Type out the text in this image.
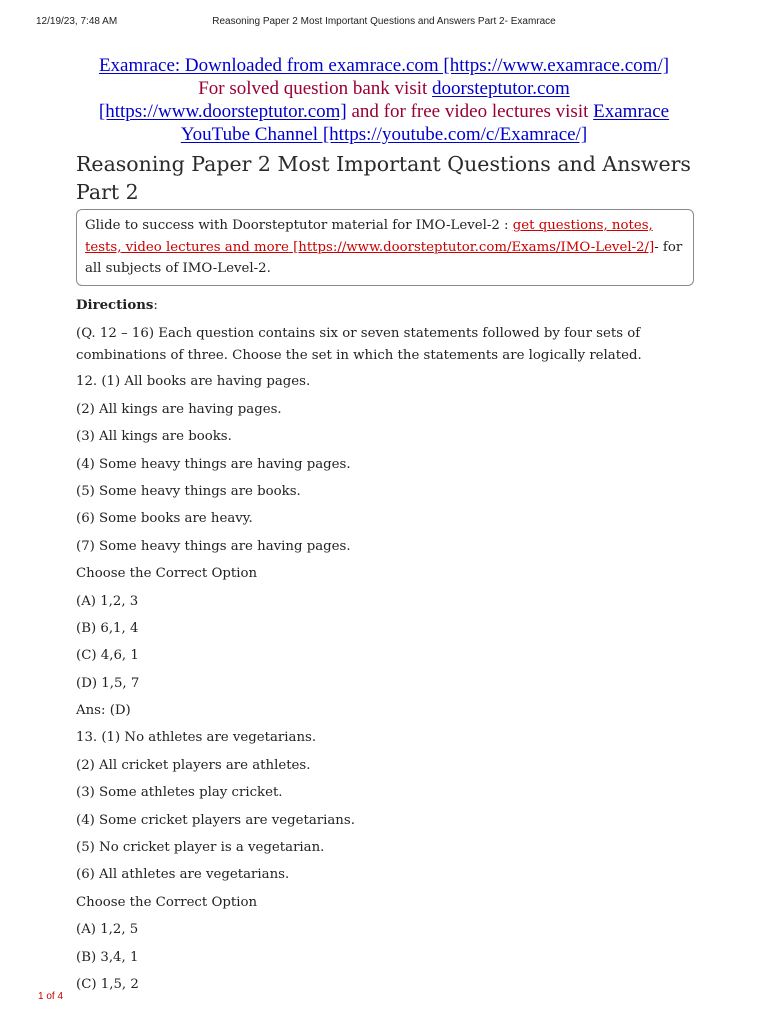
12/19/23, 7:48 AM	Reasoning Paper 2 Most Important Questions and Answers Part 2- Examrace
Examrace: Downloaded from examrace.com [https://www.examrace.com/]
For solved question bank visit doorsteptutor.com
[https://www.doorsteptutor.com] and for free video lectures visit Examrace
YouTube Channel [https://youtube.com/c/Examrace/]
Reasoning Paper 2 Most Important Questions and Answers Part 2
Glide to success with Doorsteptutor material for IMO-Level-2 : get questions, notes, tests, video lectures and more [https://www.doorsteptutor.com/Exams/IMO-Level-2/]- for all subjects of IMO-Level-2.
Directions:
(Q. 12 – 16) Each question contains six or seven statements followed by four sets of combinations of three. Choose the set in which the statements are logically related.
12. (1) All books are having pages.
(2) All kings are having pages.
(3) All kings are books.
(4) Some heavy things are having pages.
(5) Some heavy things are books.
(6) Some books are heavy.
(7) Some heavy things are having pages.
Choose the Correct Option
(A) 1,2, 3
(B) 6,1, 4
(C) 4,6, 1
(D) 1,5, 7
Ans: (D)
13. (1) No athletes are vegetarians.
(2) All cricket players are athletes.
(3) Some athletes play cricket.
(4) Some cricket players are vegetarians.
(5) No cricket player is a vegetarian.
(6) All athletes are vegetarians.
Choose the Correct Option
(A) 1,2, 5
(B) 3,4, 1
(C) 1,5, 2
1 of 4
